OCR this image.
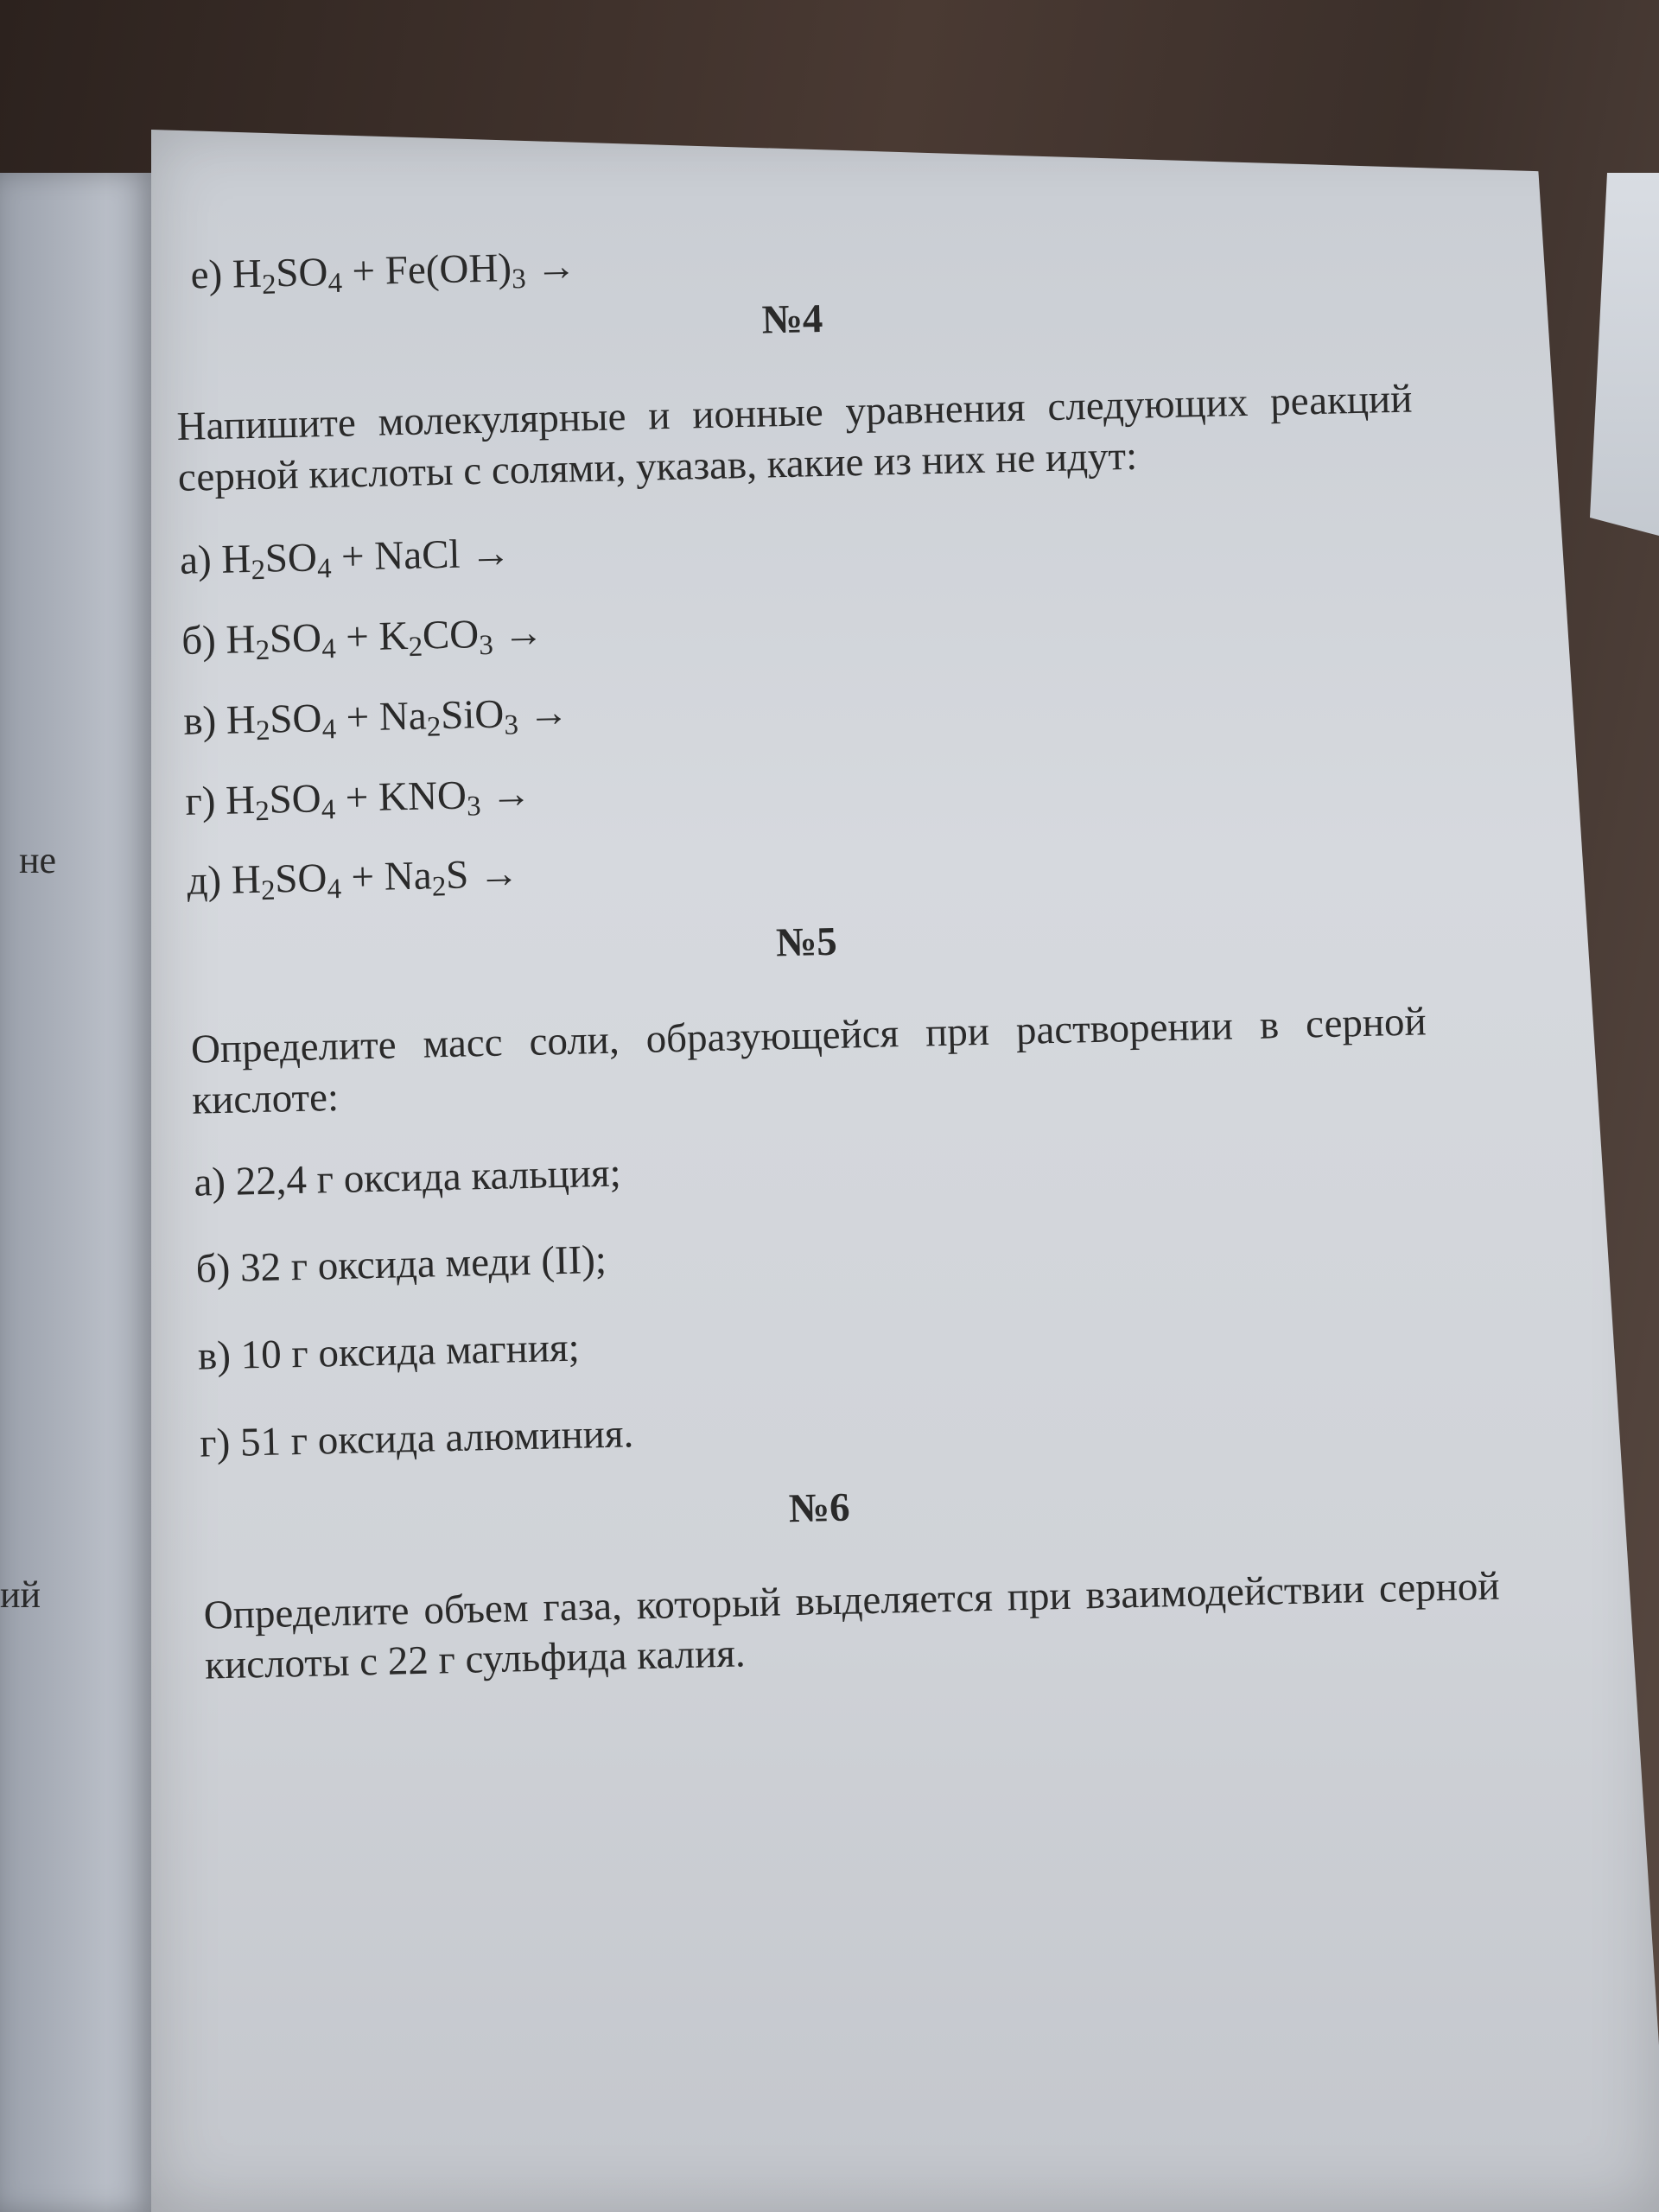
не
ий
е) $H_2SO_4 + Fe(OH)_3$ →
№4
Напишите молекулярные и ионные уравнения следующих реакций серной кислоты с солями, указав, какие из них не идут:
а) $H_2SO_4$ + NaCl →
б) $H_2SO_4 + K_2CO_3$ →
в) $H_2SO_4 + Na_2SiO_3$ →
г) $H_2SO_4 + KNO_3$ →
д) $H_2SO_4 + Na_2S$ →
№5
Определите масс соли, образующейся при растворении в серной кислоте:
а) 22,4 г оксида кальция;
б) 32 г оксида меди (II);
в) 10 г оксида магния;
г) 51 г оксида алюминия.
№6
Определите объем газа, который выделяется при взаимодействии серной кислоты с 22 г сульфида калия.
